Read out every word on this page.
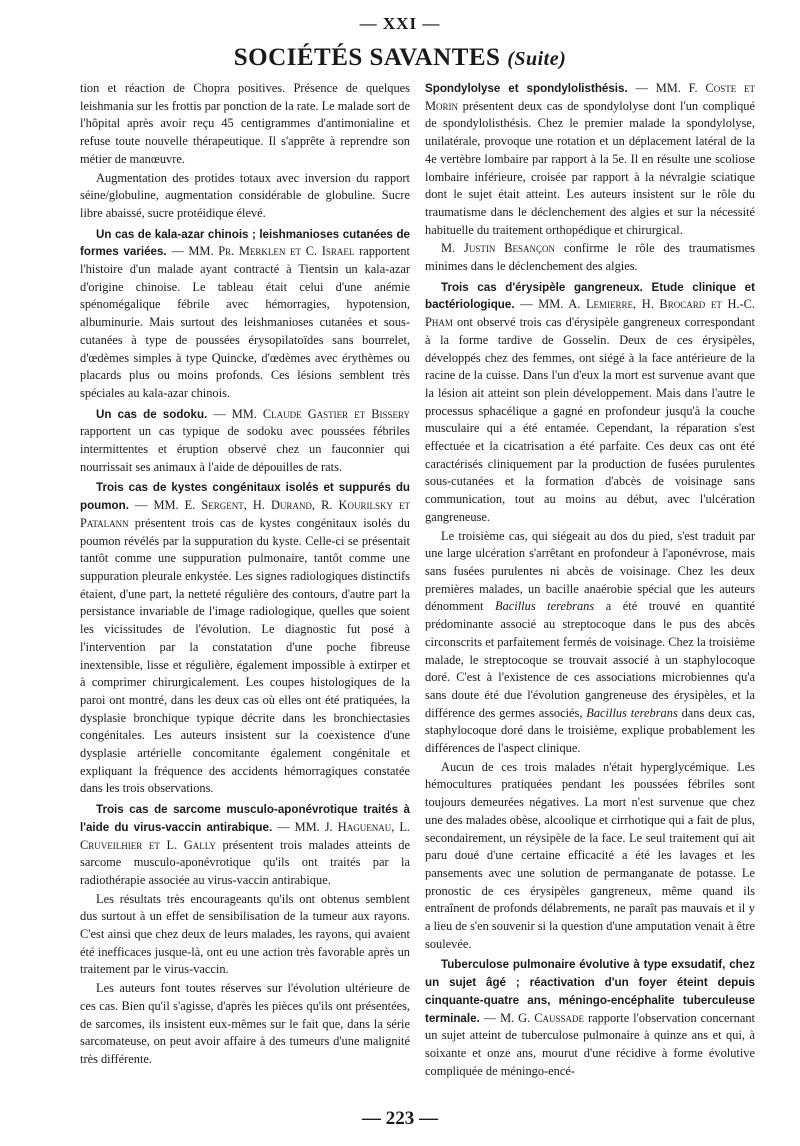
— XXI —
SOCIÉTÉS SAVANTES (Suite)

tion et réaction de Chopra positives. Présence de quelques leishmania sur les frottis par ponction de la rate. Le malade sort de l'hôpital après avoir reçu 45 centigrammes d'antimonialine et refuse toute nouvelle thérapeutique. Il s'apprête à reprendre son métier de manœuvre.

Augmentation des protides totaux avec inversion du rapport séine/globuline, augmentation considérable de globuline. Sucre libre abaissé, sucre protéidique élevé.

Un cas de kala-azar chinois ; leishmanioses cutanées de formes variées. — MM. Pr. Merklen et C. Israel rapportent l'histoire d'un malade ayant contracté à Tientsin un kala-azar d'origine chinoise. Le tableau était celui d'une anémie spénomégalique fébrile avec hémorragies, hypotension, albuminurie. Mais surtout des leishmanioses cutanées et sous-cutanées à type de poussées érysopilatoïdes sans bourrelet, d'œdèmes simples à type Quincke, d'œdèmes avec érythèmes ou placards plus ou moins profonds. Ces lésions semblent très spéciales au kala-azar chinois.

Un cas de sodoku. — MM. Claude Gastier et Bissery rapportent un cas typique de sodoku avec poussées fébriles intermittentes et éruption observé chez un fauconnier qui nourrissait ses animaux à l'aide de dépouilles de rats.

Trois cas de kystes congénitaux isolés et suppurés du poumon. — MM. E. Sergent, H. Durand, R. Kourilsky et Patalann présentent trois cas de kystes congénitaux isolés du poumon révélés par la suppuration du kyste. Celle-ci se présentait tantôt comme une suppuration pulmonaire, tantôt comme une suppuration pleurale enkystée. Les signes radiologiques distinctifs étaient, d'une part, la netteté régulière des contours, d'autre part la persistance invariable de l'image radiologique, quelles que soient les vicissitudes de l'évolution. Le diagnostic fut posé à l'intervention par la constatation d'une poche fibreuse inextensible, lisse et régulière, également impossible à extirper et à comprimer chirurgicalement. Les coupes histologiques de la paroi ont montré, dans les deux cas où elles ont été pratiquées, la dysplasie bronchique typique décrite dans les bronchiectasies congénitales. Les auteurs insistent sur la coexistence d'une dysplasie artérielle concomitante également congénitale et expliquant la fréquence des accidents hémorragiques constatée dans les trois observations.

Trois cas de sarcome musculo-aponévrotique traités à l'aide du virus-vaccin antirabique. — MM. J. Haguenau, L. Cruveilhier et L. Gally présentent trois malades atteints de sarcome musculo-aponévrotique qu'ils ont traités par la radiothérapie associée au virus-vaccin antirabique.

Les résultats très encourageants qu'ils ont obtenus semblent dus surtout à un effet de sensibilisation de la tumeur aux rayons. C'est ainsi que chez deux de leurs malades, les rayons, qui avaient été inefficaces jusque-là, ont eu une action très favorable après un traitement par le virus-vaccin.

Les auteurs font toutes réserves sur l'évolution ultérieure de ces cas. Bien qu'il s'agisse, d'après les pièces qu'ils ont présentées, de sarcomes, ils insistent eux-mêmes sur le fait que, dans la série sarcomateuse, on peut avoir affaire à des tumeurs d'une malignité très différente.

Spondylolyse et spondylolisthésis. — MM. F. Coste et Morin présentent deux cas de spondylolyse dont l'un compliqué de spondylolisthésis. Chez le premier malade la spondylolyse, unilatérale, provoque une rotation et un déplacement latéral de la 4e vertèbre lombaire par rapport à la 5e. Il en résulte une scoliose lombaire inférieure, croisée par rapport à la névralgie sciatique dont le sujet était atteint. Les auteurs insistent sur le rôle du traumatisme dans le déclenchement des algies et sur la nécessité habituelle du traitement orthopédique et chirurgical.

M. Justin Besançon confirme le rôle des traumatismes minimes dans le déclenchement des algies.

Trois cas d'érysipèle gangreneux. Etude clinique et bactériologique. — MM. A. Lemierre, H. Brocard et H.-C. Pham ont observé trois cas d'érysipèle gangreneux correspondant à la forme tardive de Gosselin. Deux de ces érysipèles, développés chez des femmes, ont siégé à la face antérieure de la racine de la cuisse. Dans l'un d'eux la mort est survenue avant que la lésion ait atteint son plein développement. Mais dans l'autre le processus sphacélique a gagné en profondeur jusqu'à la couche musculaire qui a été entamée. Cependant, la réparation s'est effectuée et la cicatrisation a été parfaite. Ces deux cas ont été caractérisés cliniquement par la production de fusées purulentes sous-cutanées et la formation d'abcès de voisinage sans communication, tout au moins au début, avec l'ulcération gangreneuse.

Le troisième cas, qui siégeait au dos du pied, s'est traduit par une large ulcération s'arrêtant en profondeur à l'aponévrose, mais sans fusées purulentes ni abcès de voisinage. Chez les deux premières malades, un bacille anaérobie spécial que les auteurs dénomment Bacillus terebrans a été trouvé en quantité prédominante associé au streptocoque dans le pus des abcès circonscrits et parfaitement fermés de voisinage. Chez la troisième malade, le streptocoque se trouvait associé à un staphylocoque doré. C'est à l'existence de ces associations microbiennes qu'a sans doute été due l'évolution gangreneuse des érysipèles, et la différence des germes associés, Bacillus terebrans dans deux cas, staphylocoque doré dans le troisième, explique probablement les différences de l'aspect clinique.

Aucun de ces trois malades n'était hyperglycémique. Les hémocultures pratiquées pendant les poussées fébriles sont toujours demeurées négatives. La mort n'est survenue que chez une des malades obèse, alcoolique et cirrhotique qui a fait de plus, secondairement, un réysipèle de la face. Le seul traitement qui ait paru doué d'une certaine efficacité a été les lavages et les pansements avec une solution de permanganate de potasse. Le pronostic de ces érysipèles gangreneux, même quand ils entraînent de profonds délabrements, ne paraît pas mauvais et il y a lieu de s'en souvenir si la question d'une amputation venait à être soulevée.

Tuberculose pulmonaire évolutive à type exsudatif, chez un sujet âgé ; réactivation d'un foyer éteint depuis cinquante-quatre ans, méningo-encéphalite tuberculeuse terminale. — M. G. Caussade rapporte l'observation concernant un sujet atteint de tuberculose pulmonaire à quinze ans et qui, à soixante et onze ans, mourut d'une récidive à forme évolutive compliquée de méningo-encé-

— 223 —
